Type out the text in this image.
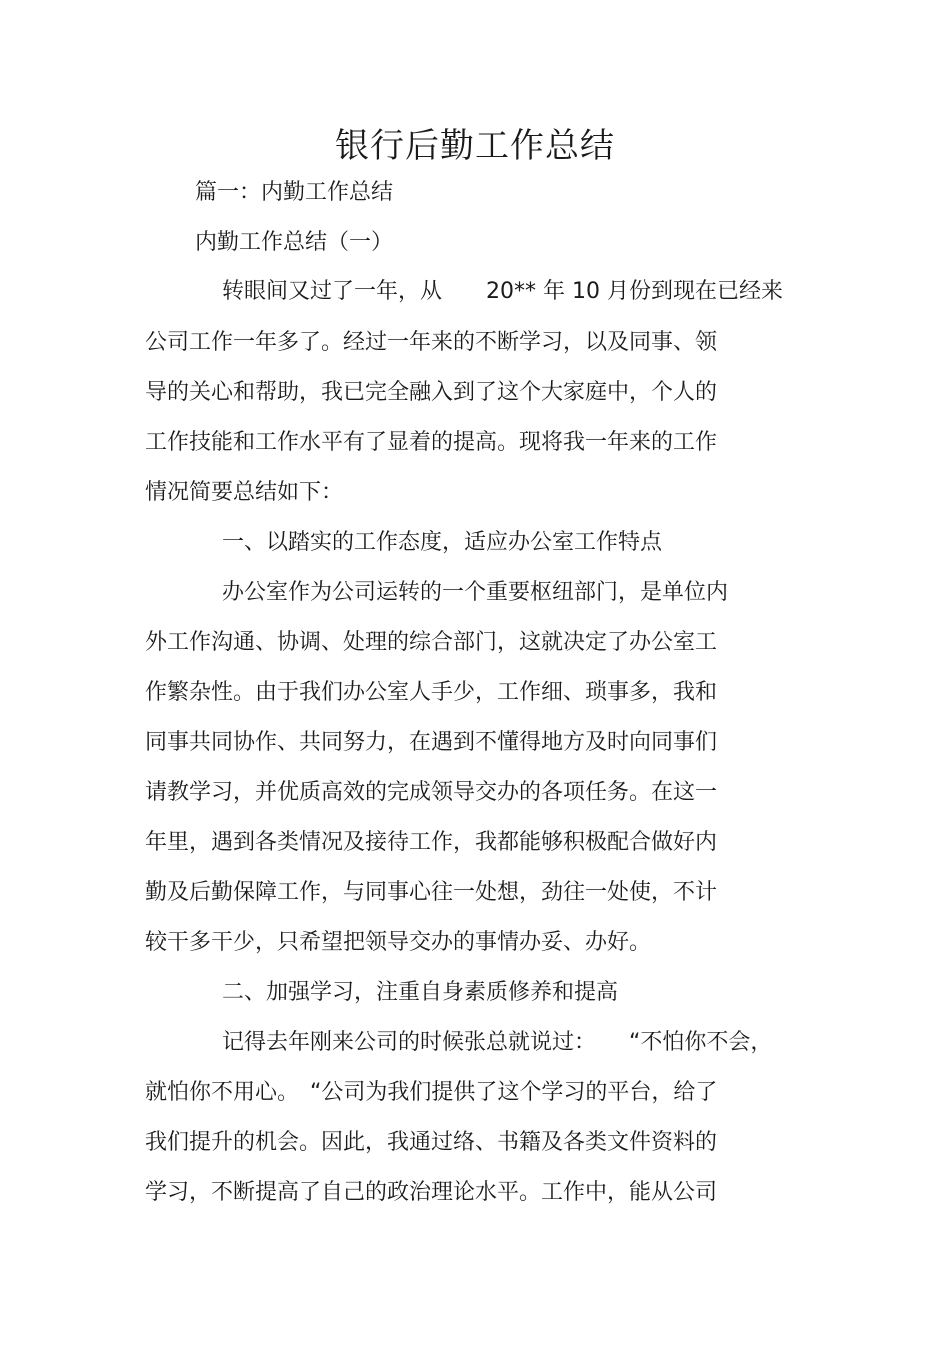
银行后勤工作总结
篇一：内勤工作总结
内勤工作总结（一）
转眼间又过了一年，从　　20** 年 10 月份到现在已经来
公司工作一年多了。经过一年来的不断学习，以及同事、领
导的关心和帮助，我已完全融入到了这个大家庭中，个人的
工作技能和工作水平有了显着的提高。现将我一年来的工作
情况简要总结如下：
一、以踏实的工作态度，适应办公室工作特点
办公室作为公司运转的一个重要枢纽部门，是单位内
外工作沟通、协调、处理的综合部门，这就决定了办公室工
作繁杂性。由于我们办公室人手少，工作细、琐事多，我和
同事共同协作、共同努力，在遇到不懂得地方及时向同事们
请教学习，并优质高效的完成领导交办的各项任务。在这一
年里，遇到各类情况及接待工作，我都能够积极配合做好内
勤及后勤保障工作，与同事心往一处想，劲往一处使，不计
较干多干少，只希望把领导交办的事情办妥、办好。
二、加强学习，注重自身素质修养和提高
记得去年刚来公司的时候张总就说过：　　“不怕你不会，
就怕你不用心。　“公司为我们提供了这个学习的平台，给了
我们提升的机会。因此，我通过络、书籍及各类文件资料的
学习，不断提高了自己的政治理论水平。工作中，能从公司
